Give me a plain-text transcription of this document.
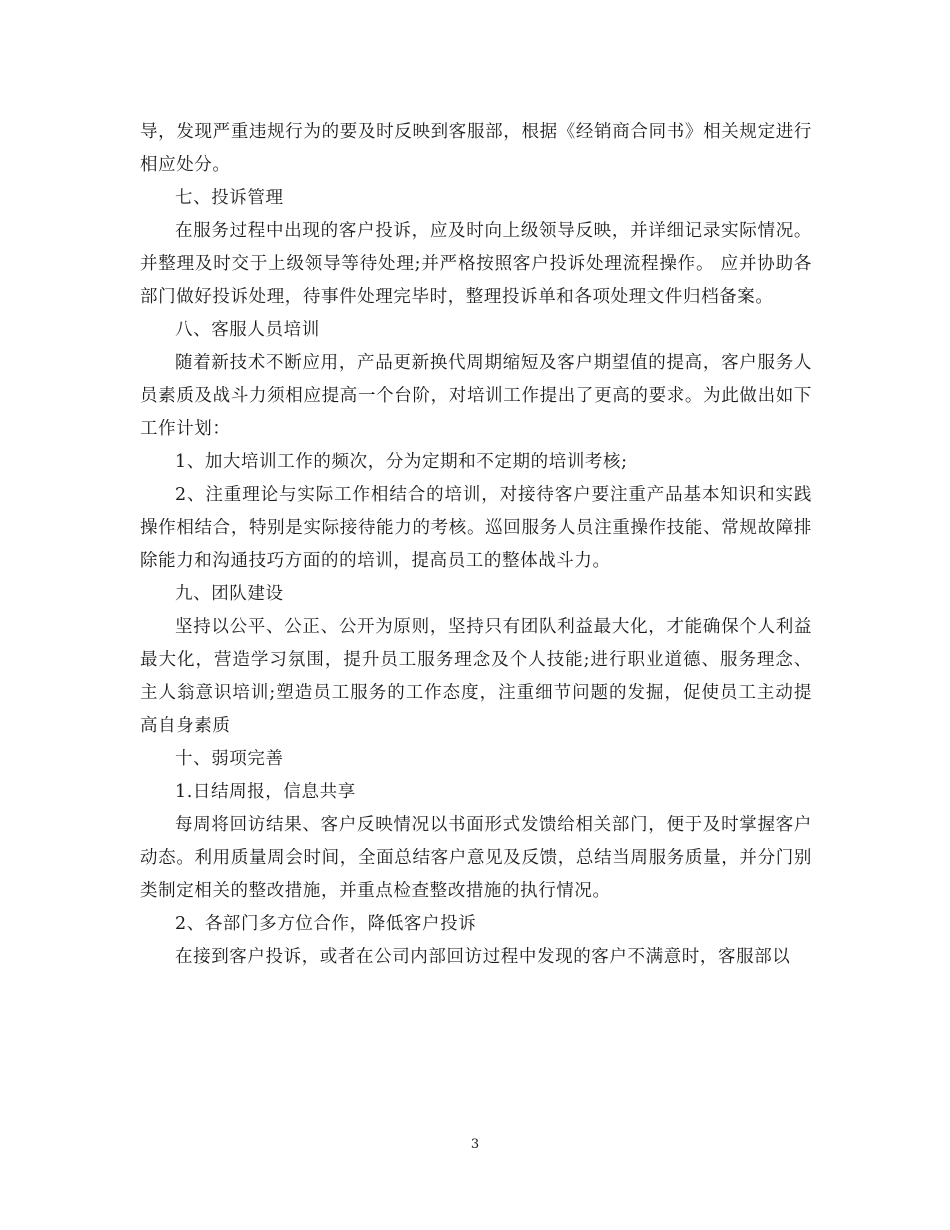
导，发现严重违规行为的要及时反映到客服部，根据《经销商合同书》相关规定进行相应处分。

七、投诉管理

在服务过程中出现的客户投诉，应及时向上级领导反映，并详细记录实际情况。并整理及时交于上级领导等待处理;并严格按照客户投诉处理流程操作。 应并协助各部门做好投诉处理，待事件处理完毕时，整理投诉单和各项处理文件归档备案。

八、客服人员培训

随着新技术不断应用，产品更新换代周期缩短及客户期望值的提高，客户服务人员素质及战斗力须相应提高一个台阶，对培训工作提出了更高的要求。为此做出如下工作计划：

1、加大培训工作的频次，分为定期和不定期的培训考核;

2、注重理论与实际工作相结合的培训，对接待客户要注重产品基本知识和实践操作相结合，特别是实际接待能力的考核。巡回服务人员注重操作技能、常规故障排除能力和沟通技巧方面的的培训，提高员工的整体战斗力。

九、团队建设

坚持以公平、公正、公开为原则，坚持只有团队利益最大化，才能确保个人利益最大化，营造学习氛围，提升员工服务理念及个人技能;进行职业道德、服务理念、主人翁意识培训;塑造员工服务的工作态度，注重细节问题的发掘，促使员工主动提高自身素质

十、弱项完善

1.日结周报，信息共享

每周将回访结果、客户反映情况以书面形式发馈给相关部门，便于及时掌握客户动态。利用质量周会时间，全面总结客户意见及反馈，总结当周服务质量，并分门别类制定相关的整改措施，并重点检查整改措施的执行情况。

2、各部门多方位合作，降低客户投诉

在接到客户投诉，或者在公司内部回访过程中发现的客户不满意时，客服部以

3
